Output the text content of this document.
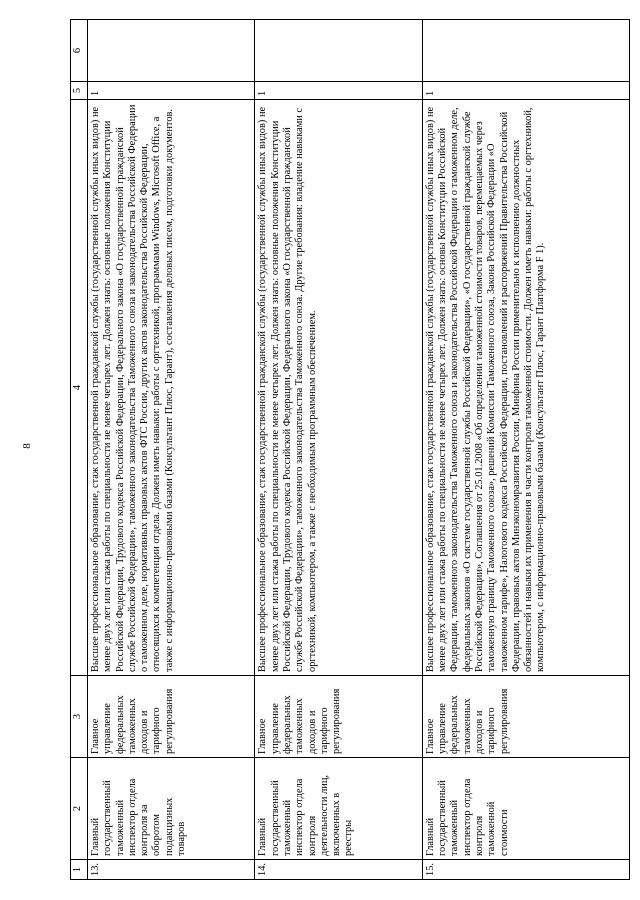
8
1	2	3	4	5	6
13.	Главный государственный таможенный инспектор отдела контроля за оборотом подакцизных товаров	Главное управление федеральных таможенных доходов и тарифного регулирования	Высшее профессиональное образование, стаж государственной гражданской службы (государственной службы иных видов) не менее двух лет или стажа работы по специальности не менее четырех лет. Должен знать: основные положения Конституции Российской Федерации, Трудового кодекса Российской Федерации, Федерального закона «О государственной гражданской службе Российской Федерации», таможенного законодательства Таможенного союза и законодательства Российской Федерации о таможенном деле, нормативных правовых актов ФТС России, других актов законодательства Российской Федерации, относящихся к компетенции отдела. Должен иметь навыки: работы с оргтехникой, программами Windows, Microsoft Office, а также с информационно-правовыми базами (Консультант Плюс, Гарант), составления деловых писем, подготовки документов.	1	
14.	Главный государственный таможенный инспектор отдела контроля деятельности лиц, включенных в реестры	Главное управление федеральных таможенных доходов и тарифного регулирования	Высшее профессиональное образование, стаж государственной гражданской службы (государственной службы иных видов) не менее двух лет или стажа работы по специальности не менее четырех лет. Должен знать: основные положения Конституции Российской Федерации, Трудового кодекса Российской Федерации, Федерального закона «О государственной гражданской службе Российской Федерации», таможенного законодательства Таможенного союза. Другие требования: владение навыками с оргтехникой, компьютером, а также с необходимым программным обеспечением.	1	
15.	Главный государственный таможенный инспектор отдела контроля таможенной стоимости	Главное управление федеральных таможенных доходов и тарифного регулирования	Высшее профессиональное образование, стаж государственной гражданской службы (государственной службы иных видов) не менее двух лет или стажа работы по специальности не менее четырех лет. Должен знать: основы Конституции Российской Федерации, таможенного законодательства Таможенного союза и законодательства Российской Федерации о таможенном деле, федеральных законов «О системе государственной службы Российской Федерации», «О государственной гражданской службе Российской Федерации», Соглашения от 25.01.2008 «Об определении таможенной стоимости товаров, перемещаемых через таможенную границу Таможенного союза», решений Комиссии Таможенного союза, Закона Российской Федерации «О таможенном тарифе», Налогового кодекса Российской Федерации, постановлений и распоряжений Правительства Российской Федерации, правовых актов Минэкономразвития России, Минфина России применительно к исполнению должностных обязанностей и навыки их применения в части контроля таможенной стоимости. Должен иметь навыки: работы с оргтехникой, компьютером, с информационно-правовыми базами (Консультант Плюс, Гарант Платформа F 1).	1	
